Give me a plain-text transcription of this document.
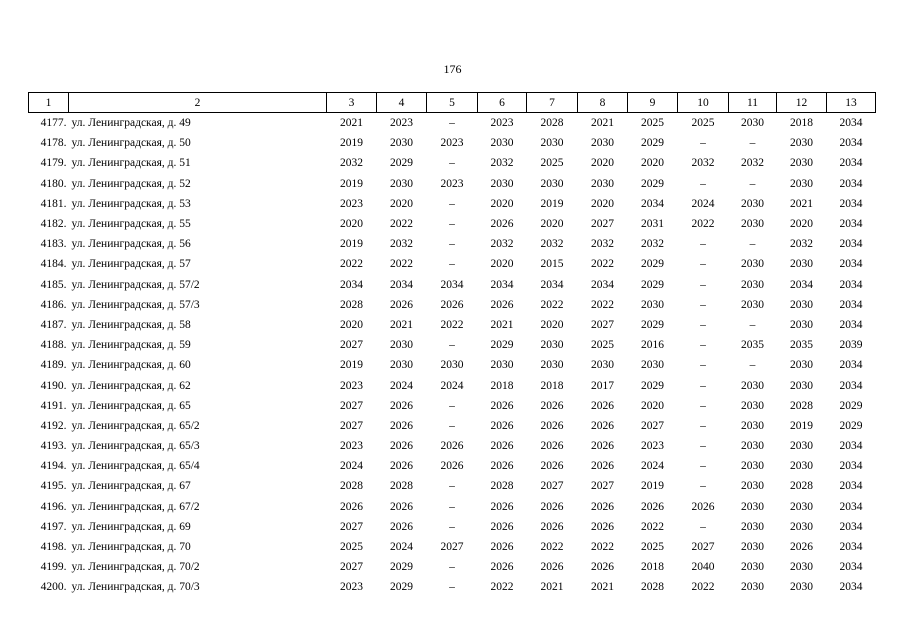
176
1	2	3	4	5	6	7	8	9	10	11	12	13
4177.	ул. Ленинградская, д. 49	2021	2023	–	2023	2028	2021	2025	2025	2030	2018	2034
4178.	ул. Ленинградская, д. 50	2019	2030	2023	2030	2030	2030	2029	–	–	2030	2034
4179.	ул. Ленинградская, д. 51	2032	2029	–	2032	2025	2020	2020	2032	2032	2030	2034
4180.	ул. Ленинградская, д. 52	2019	2030	2023	2030	2030	2030	2029	–	–	2030	2034
4181.	ул. Ленинградская, д. 53	2023	2020	–	2020	2019	2020	2034	2024	2030	2021	2034
4182.	ул. Ленинградская, д. 55	2020	2022	–	2026	2020	2027	2031	2022	2030	2020	2034
4183.	ул. Ленинградская, д. 56	2019	2032	–	2032	2032	2032	2032	–	–	2032	2034
4184.	ул. Ленинградская, д. 57	2022	2022	–	2020	2015	2022	2029	–	2030	2030	2034
4185.	ул. Ленинградская, д. 57/2	2034	2034	2034	2034	2034	2034	2029	–	2030	2034	2034
4186.	ул. Ленинградская, д. 57/3	2028	2026	2026	2026	2022	2022	2030	–	2030	2030	2034
4187.	ул. Ленинградская, д. 58	2020	2021	2022	2021	2020	2027	2029	–	–	2030	2034
4188.	ул. Ленинградская, д. 59	2027	2030	–	2029	2030	2025	2016	–	2035	2035	2039
4189.	ул. Ленинградская, д. 60	2019	2030	2030	2030	2030	2030	2030	–	–	2030	2034
4190.	ул. Ленинградская, д. 62	2023	2024	2024	2018	2018	2017	2029	–	2030	2030	2034
4191.	ул. Ленинградская, д. 65	2027	2026	–	2026	2026	2026	2020	–	2030	2028	2029
4192.	ул. Ленинградская, д. 65/2	2027	2026	–	2026	2026	2026	2027	–	2030	2019	2029
4193.	ул. Ленинградская, д. 65/3	2023	2026	2026	2026	2026	2026	2023	–	2030	2030	2034
4194.	ул. Ленинградская, д. 65/4	2024	2026	2026	2026	2026	2026	2024	–	2030	2030	2034
4195.	ул. Ленинградская, д. 67	2028	2028	–	2028	2027	2027	2019	–	2030	2028	2034
4196.	ул. Ленинградская, д. 67/2	2026	2026	–	2026	2026	2026	2026	2026	2030	2030	2034
4197.	ул. Ленинградская, д. 69	2027	2026	–	2026	2026	2026	2022	–	2030	2030	2034
4198.	ул. Ленинградская, д. 70	2025	2024	2027	2026	2022	2022	2025	2027	2030	2026	2034
4199.	ул. Ленинградская, д. 70/2	2027	2029	–	2026	2026	2026	2018	2040	2030	2030	2034
4200.	ул. Ленинградская, д. 70/3	2023	2029	–	2022	2021	2021	2028	2022	2030	2030	2034
